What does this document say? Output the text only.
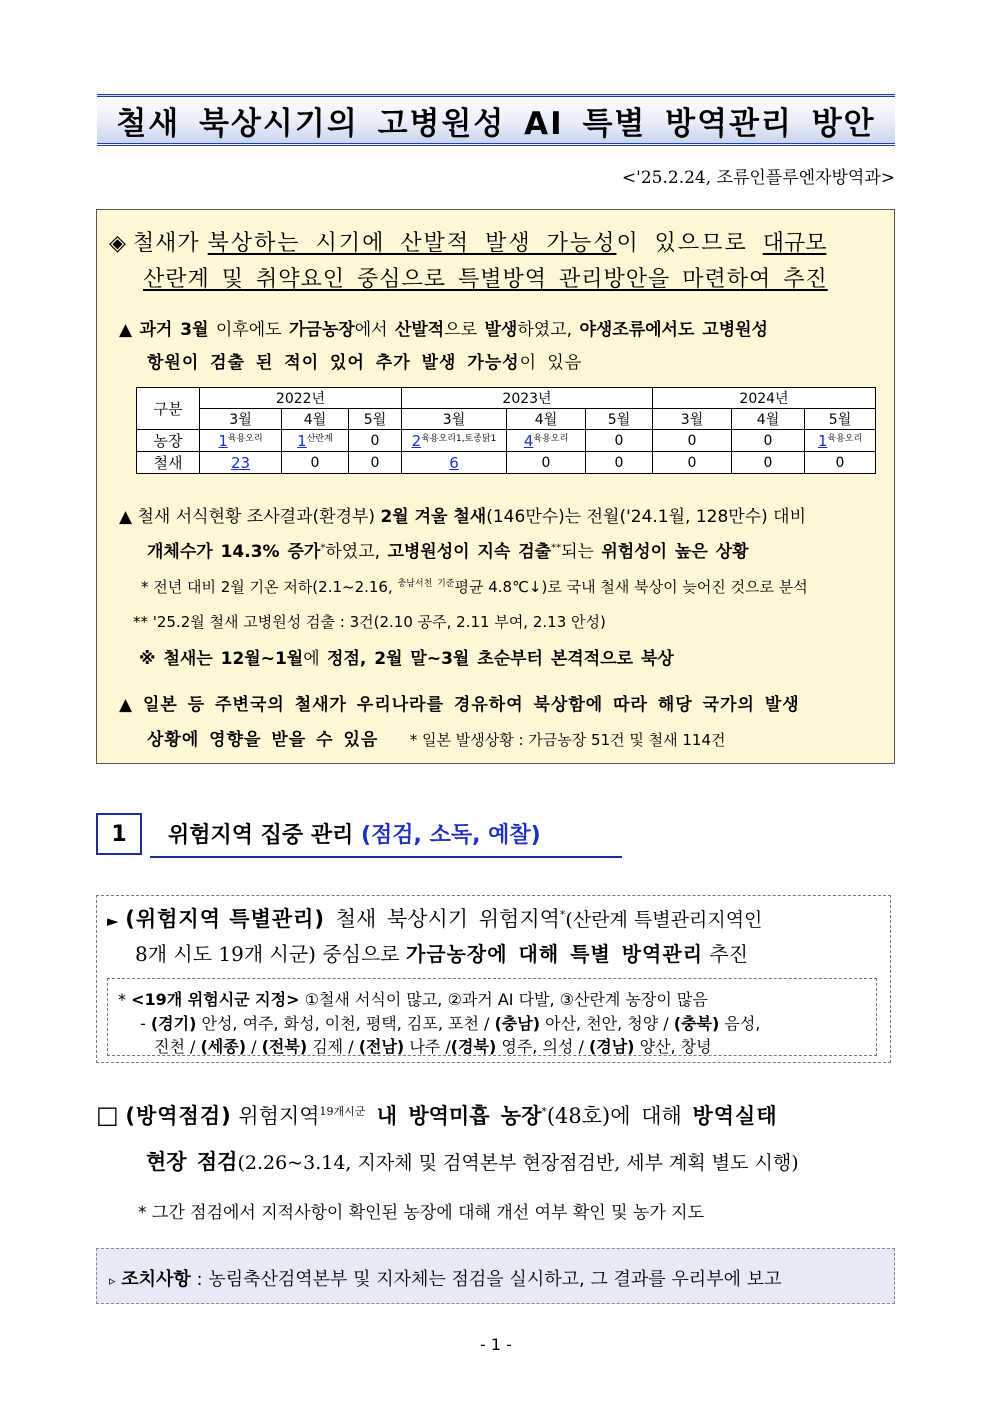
철새 북상시기의 고병원성 AI 특별 방역관리 방안
<'25.2.24, 조류인플루엔자방역과>
◈ 철새가 북상하는 시기에 산발적 발생 가능성이 있으므로 대규모
산란계 및 취약요인 중심으로 특별방역 관리방안을 마련하여 추진
▲ 과거 3월 이후에도 가금농장에서 산발적으로 발생하였고, 야생조류에서도 고병원성
항원이 검출 된 적이 있어 추가 발생 가능성이 있음
구분	2022년			2023년			2024년		
	3월	4월	5월	3월	4월	5월	3월	4월	5월
농장	$1^{육용오리}$	$1^{산란계}$	0	$2^{육용오리1,토종닭1}$	$4^{육용오리}$	0	0	0	$1^{육용오리}$
철새	23	0	0	6	0	0	0	0	0
▲ 철새 서식현황 조사결과(환경부) 2월 겨울 철새(146만수)는 전월('24.1월, 128만수) 대비
개체수가 14.3% 증가*하였고, 고병원성이 지속 검출**되는 위험성이 높은 상황
* 전년 대비 2월 기온 저하(2.1~2.16, $^{충남서천}$ $^{기준}$평균 4.8℃↓)로 국내 철새 북상이 늦어진 것으로 분석
** '25.2월 철새 고병원성 검출 : 3건(2.10 공주, 2.11 부여, 2.13 안성)
※ 철새는 12월~1월에 정점, 2월 말~3월 초순부터 본격적으로 북상
▲ 일본 등 주변국의 철새가 우리나라를 경유하여 북상함에 따라 해당 국가의 발생
상황에 영향을 받을 수 있음 * 일본 발생상황 : 가금농장 51건 및 철새 114건
1 위험지역 집중 관리 (점검, 소독, 예찰)
► (위험지역 특별관리) 철새 북상시기 위험지역*(산란계 특별관리지역인
8개 시도 19개 시군) 중심으로 가금농장에 대해 특별 방역관리 추진
* <19개 위험시군 지정> ①철새 서식이 많고, ②과거 AI 다발, ③산란계 농장이 많음
- (경기) 안성, 여주, 화성, 이천, 평택, 김포, 포천 / (충남) 아산, 천안, 청양 / (충북) 음성,
진천 / (세종) / (전북) 김제 / (전남) 나주 /(경북) 영주, 의성 / (경남) 양산, 창녕
□ (방역점검) 위험지역$^{19개시군}$ 내 방역미흡 농장*(48호)에 대해 방역실태
현장 점검(2.26~3.14, 지자체 및 검역본부 현장점검반, 세부 계획 별도 시행)
* 그간 점검에서 지적사항이 확인된 농장에 대해 개선 여부 확인 및 농가 지도
▹ 조치사항 : 농림축산검역본부 및 지자체는 점검을 실시하고, 그 결과를 우리부에 보고
- 1 -
